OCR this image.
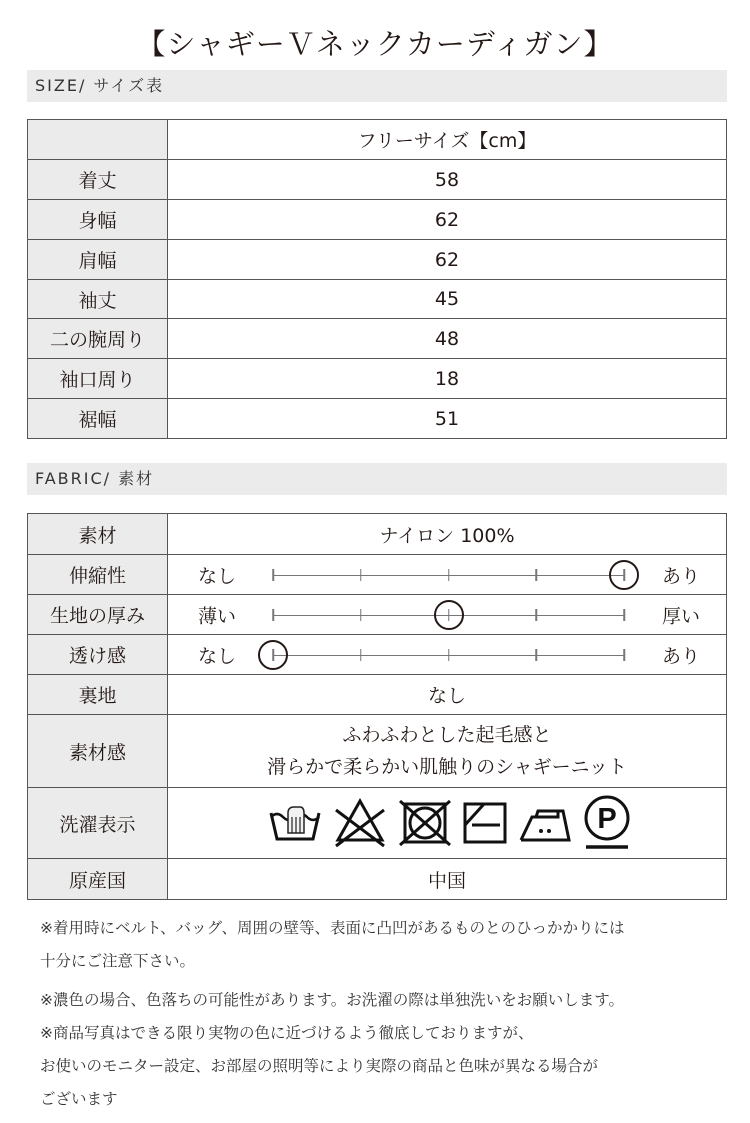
【シャギーＶネックカーディガン】
SIZE/ サイズ表
	フリーサイズ【cm】
着丈	58
身幅	62
肩幅	62
袖丈	45
二の腕周り	48
袖口周り	18
裾幅	51
FABRIC/ 素材
素材	ナイロン 100%
伸縮性	なし あり

生地の厚み	薄い 厚い

透け感	なし あり

裏地	なし
素材感	ふわふわとした起毛感と
滑らかで柔らかい肌触りのシャギーニット

洗濯表示	P

原産国	中国

※着用時にベルト、バッグ、周囲の壁等、表面に凸凹があるものとのひっかかりには

十分にご注意下さい。

※濃色の場合、色落ちの可能性があります。お洗濯の際は単独洗いをお願いします。

※商品写真はできる限り実物の色に近づけるよう徹底しておりますが、

お使いのモニター設定、お部屋の照明等により実際の商品と色味が異なる場合が

ございます
